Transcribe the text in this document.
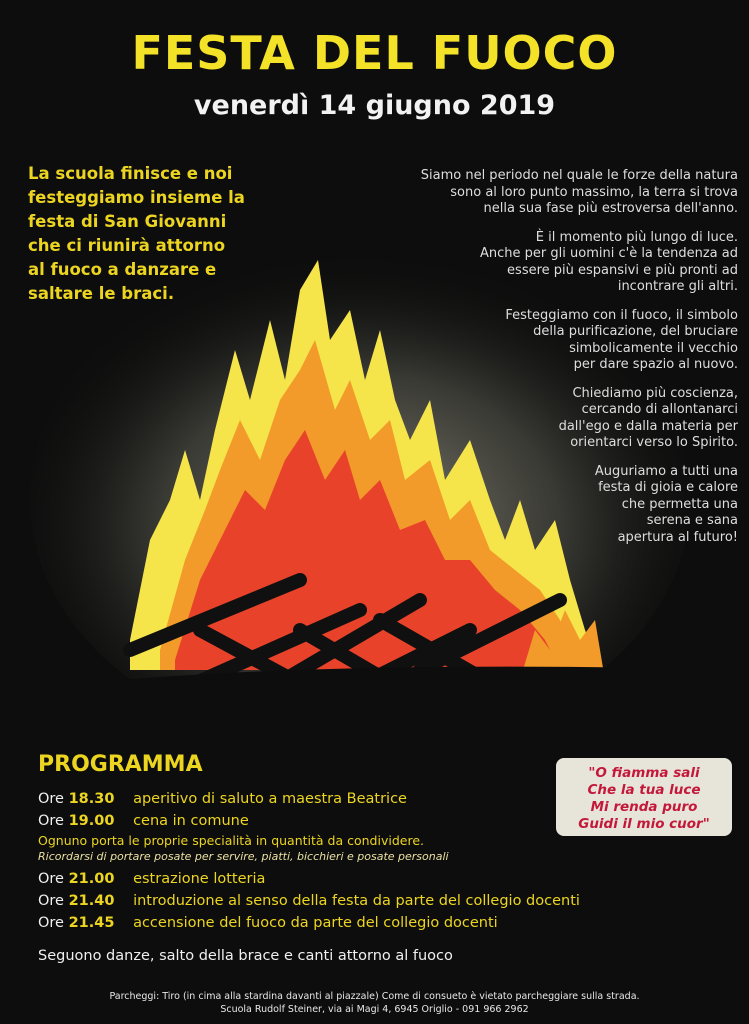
FESTA DEL FUOCO
venerdì 14 giugno 2019
La scuola finisce e noi
festeggiamo insieme la
festa di San Giovanni
che ci riunirà attorno
al fuoco a danzare e
saltare le braci.

Siamo nel periodo nel quale le forze della natura
sono al loro punto massimo, la terra si trova
nella sua fase più estroversa dell'anno.

È il momento più lungo di luce.
Anche per gli uomini c'è la tendenza ad
essere più espansivi e più pronti ad
incontrare gli altri.

Festeggiamo con il fuoco, il simbolo
della purificazione, del bruciare
simbolicamente il vecchio
per dare spazio al nuovo.

Chiediamo più coscienza,
cercando di allontanarci
dall'ego e dalla materia per
orientarci verso lo Spirito.

Auguriamo a tutti una
festa di gioia e calore
che permetta una
serena e sana
apertura al futuro!

PROGRAMMA
Ore 18.30 aperitivo di saluto a maestra Beatrice
Ore 19.00 cena in comune
Ognuno porta le proprie specialità in quantità da condividere.
Ricordarsi di portare posate per servire, piatti, bicchieri e posate personali
Ore 21.00 estrazione lotteria
Ore 21.40 introduzione al senso della festa da parte del collegio docenti
Ore 21.45 accensione del fuoco da parte del collegio docenti
Seguono danze, salto della brace e canti attorno al fuoco
"O fiamma sali
Che la tua luce
Mi renda puro
Guidi il mio cuor"
Parcheggi: Tiro (in cima alla stardina davanti al piazzale) Come di consueto è vietato parcheggiare sulla strada.
Scuola Rudolf Steiner, via ai Magi 4, 6945 Origlio - 091 966 2962
